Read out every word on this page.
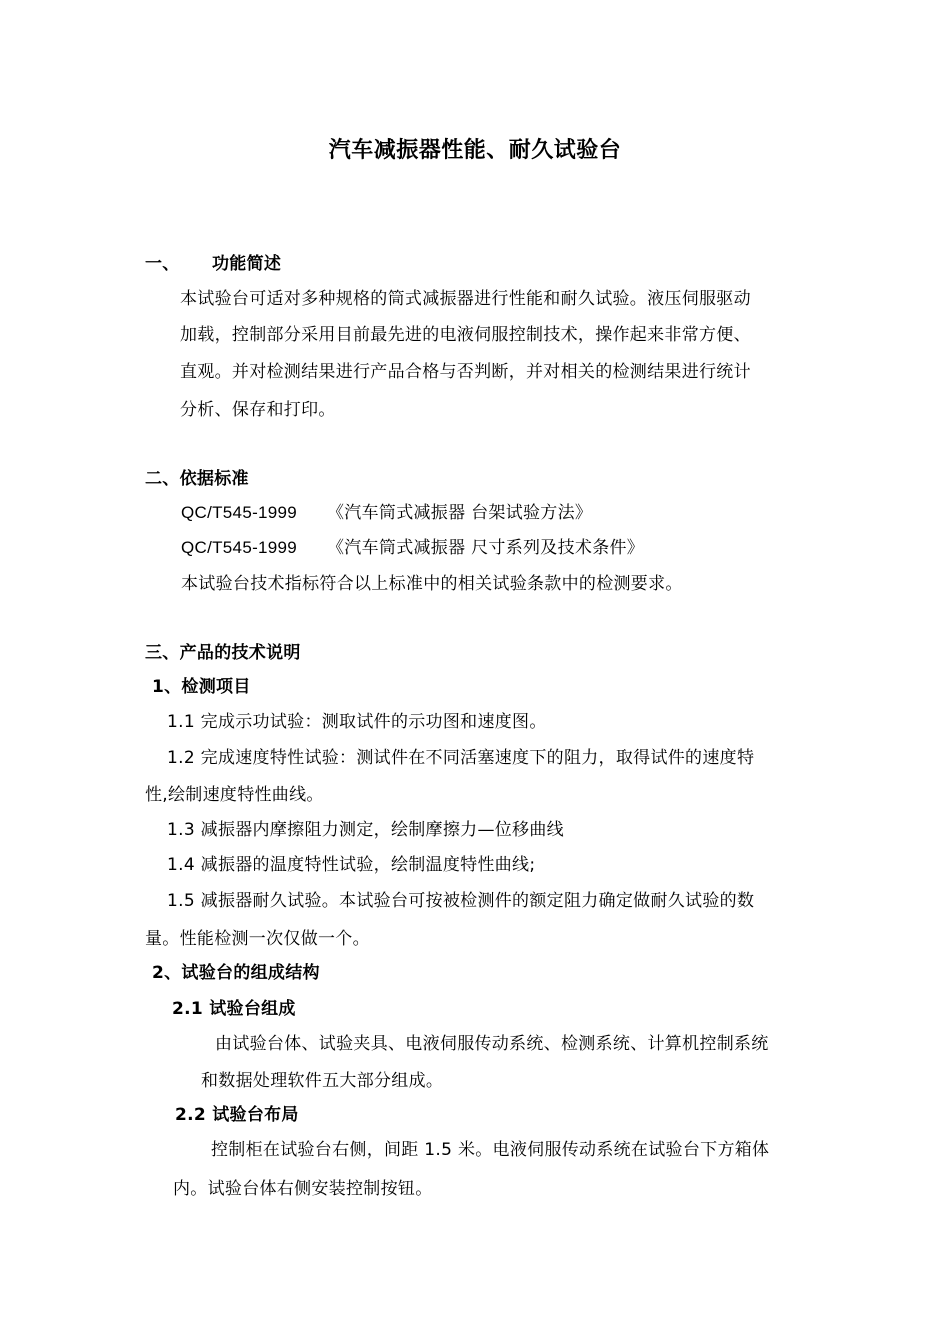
汽车减振器性能、耐久试验台
一、 功能简述
本试验台可适对多种规格的筒式减振器进行性能和耐久试验。液压伺服驱动
加载，控制部分采用目前最先进的电液伺服控制技术，操作起来非常方便、
直观。并对检测结果进行产品合格与否判断，并对相关的检测结果进行统计
分析、保存和打印。
二、依据标准
QC/T545-1999 《汽车筒式减振器 台架试验方法》
QC/T545-1999 《汽车筒式减振器 尺寸系列及技术条件》
本试验台技术指标符合以上标准中的相关试验条款中的检测要求。
三、产品的技术说明
1、检测项目
1.1 完成示功试验：测取试件的示功图和速度图。
1.2 完成速度特性试验：测试件在不同活塞速度下的阻力，取得试件的速度特
性,绘制速度特性曲线。
1.3 减振器内摩擦阻力测定，绘制摩擦力—位移曲线
1.4 减振器的温度特性试验，绘制温度特性曲线;
1.5 减振器耐久试验。本试验台可按被检测件的额定阻力确定做耐久试验的数
量。性能检测一次仅做一个。
2、试验台的组成结构
2.1 试验台组成
由试验台体、试验夹具、电液伺服传动系统、检测系统、计算机控制系统
和数据处理软件五大部分组成。
2.2 试验台布局
控制柜在试验台右侧，间距 1.5 米。电液伺服传动系统在试验台下方箱体
内。试验台体右侧安装控制按钮。
